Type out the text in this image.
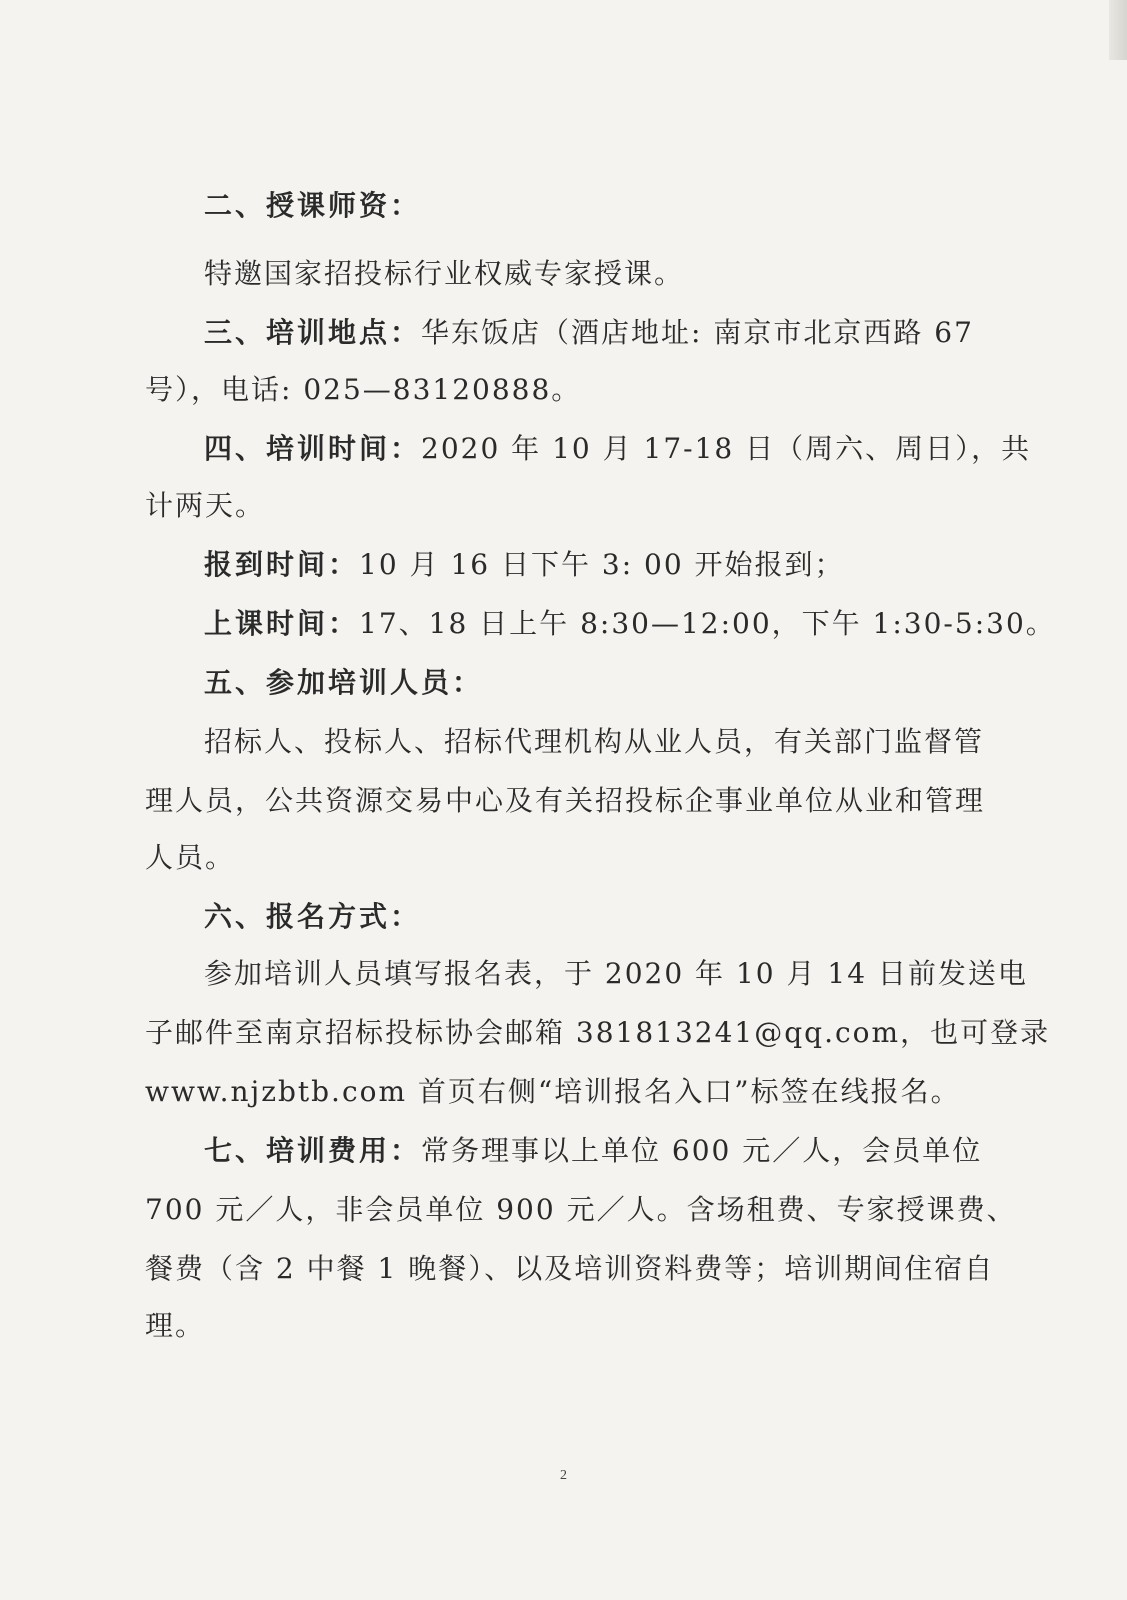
二、授课师资：
特邀国家招投标行业权威专家授课。
三、培训地点：华东饭店（酒店地址: 南京市北京西路 67
号），电话: 025—83120888。
四、培训时间：2020 年 10 月 17-18 日（周六、周日），共
计两天。
报到时间：10 月 16 日下午 3: 00 开始报到；
上课时间：17、18 日上午 8:30—12:00，下午 1:30-5:30。
五、参加培训人员：
招标人、投标人、招标代理机构从业人员，有关部门监督管
理人员，公共资源交易中心及有关招投标企事业单位从业和管理
人员。
六、报名方式：
参加培训人员填写报名表，于 2020 年 10 月 14 日前发送电
子邮件至南京招标投标协会邮箱 381813241@qq.com，也可登录
www.njzbtb.com 首页右侧“培训报名入口”标签在线报名。
七、培训费用：常务理事以上单位 600 元／人，会员单位
700 元／人，非会员单位 900 元／人。含场租费、专家授课费、
餐费（含 2 中餐 1 晚餐）、以及培训资料费等；培训期间住宿自
理。
2
